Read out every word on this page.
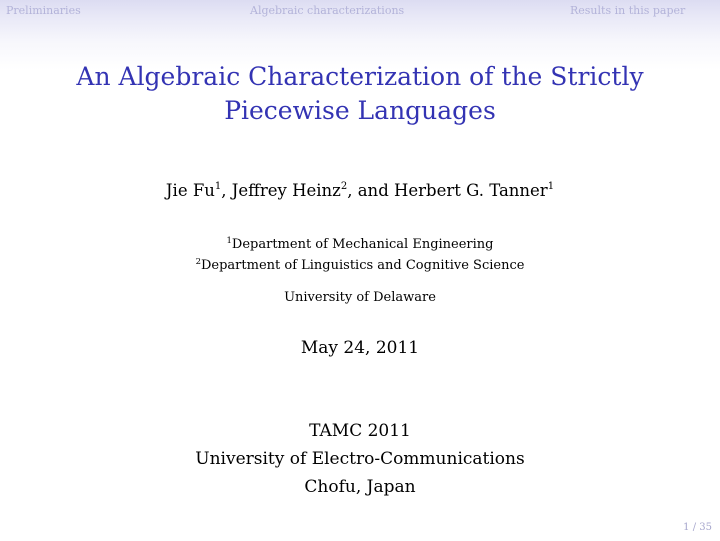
Preliminaries	Algebraic characterizations	Results in this paper
An Algebraic Characterization of the Strictly
Piecewise Languages
Jie Fu$^1$, Jeffrey Heinz$^2$, and Herbert G. Tanner$^1$
$^1$Department of Mechanical Engineering
$^2$Department of Linguistics and Cognitive Science
University of Delaware
May 24, 2011
TAMC 2011
University of Electro-Communications
Chofu, Japan
1 / 35
